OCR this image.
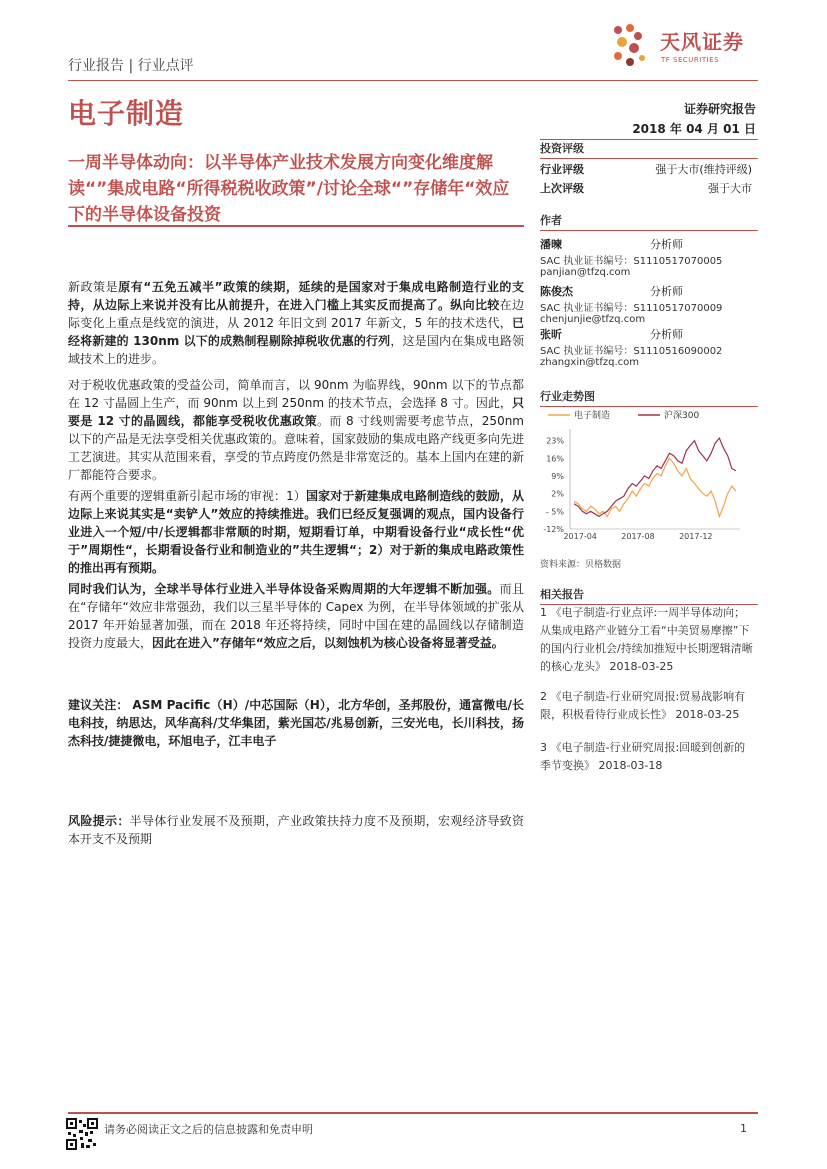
天风证券
TF SECURITIES
行业报告 | 行业点评
电子制造	证券研究报告
2018 年 04 月 01 日
一周半导体动向：以半导体产业技术发展方向变化维度解读“”集成电路“所得税税收政策”/讨论全球“”存储年“效应下的半导体设备投资
新政策是原有“五免五减半”政策的续期，延续的是国家对于集成电路制造行业的支持，从边际上来说并没有比从前提升，在进入门槛上其实反而提高了。纵向比较在边际变化上重点是线宽的演进，从 2012 年旧文到 2017 年新文，5 年的技术迭代，已经将新建的 130nm 以下的成熟制程剔除掉税收优惠的行列，这是国内在集成电路领域技术上的进步。
对于税收优惠政策的受益公司，简单而言，以 90nm 为临界线，90nm 以下的节点都在 12 寸晶圆上生产，而 90nm 以上到 250nm 的技术节点，会选择 8 寸。因此，只要是 12 寸的晶圆线，都能享受税收优惠政策。而 8 寸线则需要考虑节点，250nm 以下的产品是无法享受相关优惠政策的。意味着，国家鼓励的集成电路产线更多向先进工艺演进。其实从范围来看，享受的节点跨度仍然是非常宽泛的。基本上国内在建的新厂都能符合要求。
有两个重要的逻辑重新引起市场的审视：1）国家对于新建集成电路制造线的鼓励，从边际上来说其实是“卖铲人”效应的持续推进。我们已经反复强调的观点，国内设备行业进入一个短/中/长逻辑都非常顺的时期，短期看订单，中期看设备行业“成长性“优于”周期性“，长期看设备行业和制造业的”共生逻辑“；2）对于新的集成电路政策性的推出再有预期。
同时我们认为，全球半导体行业进入半导体设备采购周期的大年逻辑不断加强。而且在“存储年“效应非常强劲，我们以三星半导体的 Capex 为例，在半导体领域的扩张从 2017 年开始显著加强，而在 2018 年还将持续，同时中国在建的晶圆线以存储制造投资力度最大，因此在进入”存储年“效应之后，以刻蚀机为核心设备将显著受益。
建议关注： ASM Pacific（H）/中芯国际（H），北方华创，圣邦股份，通富微电/长电科技，纳思达，风华高科/艾华集团，紫光国芯/兆易创新，三安光电，长川科技，扬杰科技/捷捷微电，环旭电子，江丰电子
风险提示：半导体行业发展不及预期，产业政策扶持力度不及预期，宏观经济导致资本开支不及预期
投资评级
行业评级	强于大市(维持评级)
上次评级	强于大市
作者
潘暕	分析师
SAC 执业证书编号：S1110517070005
panjian@tfzq.com
陈俊杰	分析师
SAC 执业证书编号：S1110517070009
chenjunjie@tfzq.com
张昕	分析师
SAC 执业证书编号：S1110516090002
zhangxin@tfzq.com
行业走势图
电子制造	沪深300
23%
16%
9%
2%
- 5%
-12%
2017-04	2017-08	2017-12
资料来源：贝格数据
相关报告
1 《电子制造-行业点评:一周半导体动向；从集成电路产业链分工看“中美贸易摩擦”下的国内行业机会/持续加推短中长期逻辑清晰的核心龙头》 2018-03-25
2 《电子制造-行业研究周报:贸易战影响有限，积极看待行业成长性》 2018-03-25
3 《电子制造-行业研究周报:回暖到创新的季节变换》 2018-03-18
请务必阅读正文之后的信息披露和免责申明	1
